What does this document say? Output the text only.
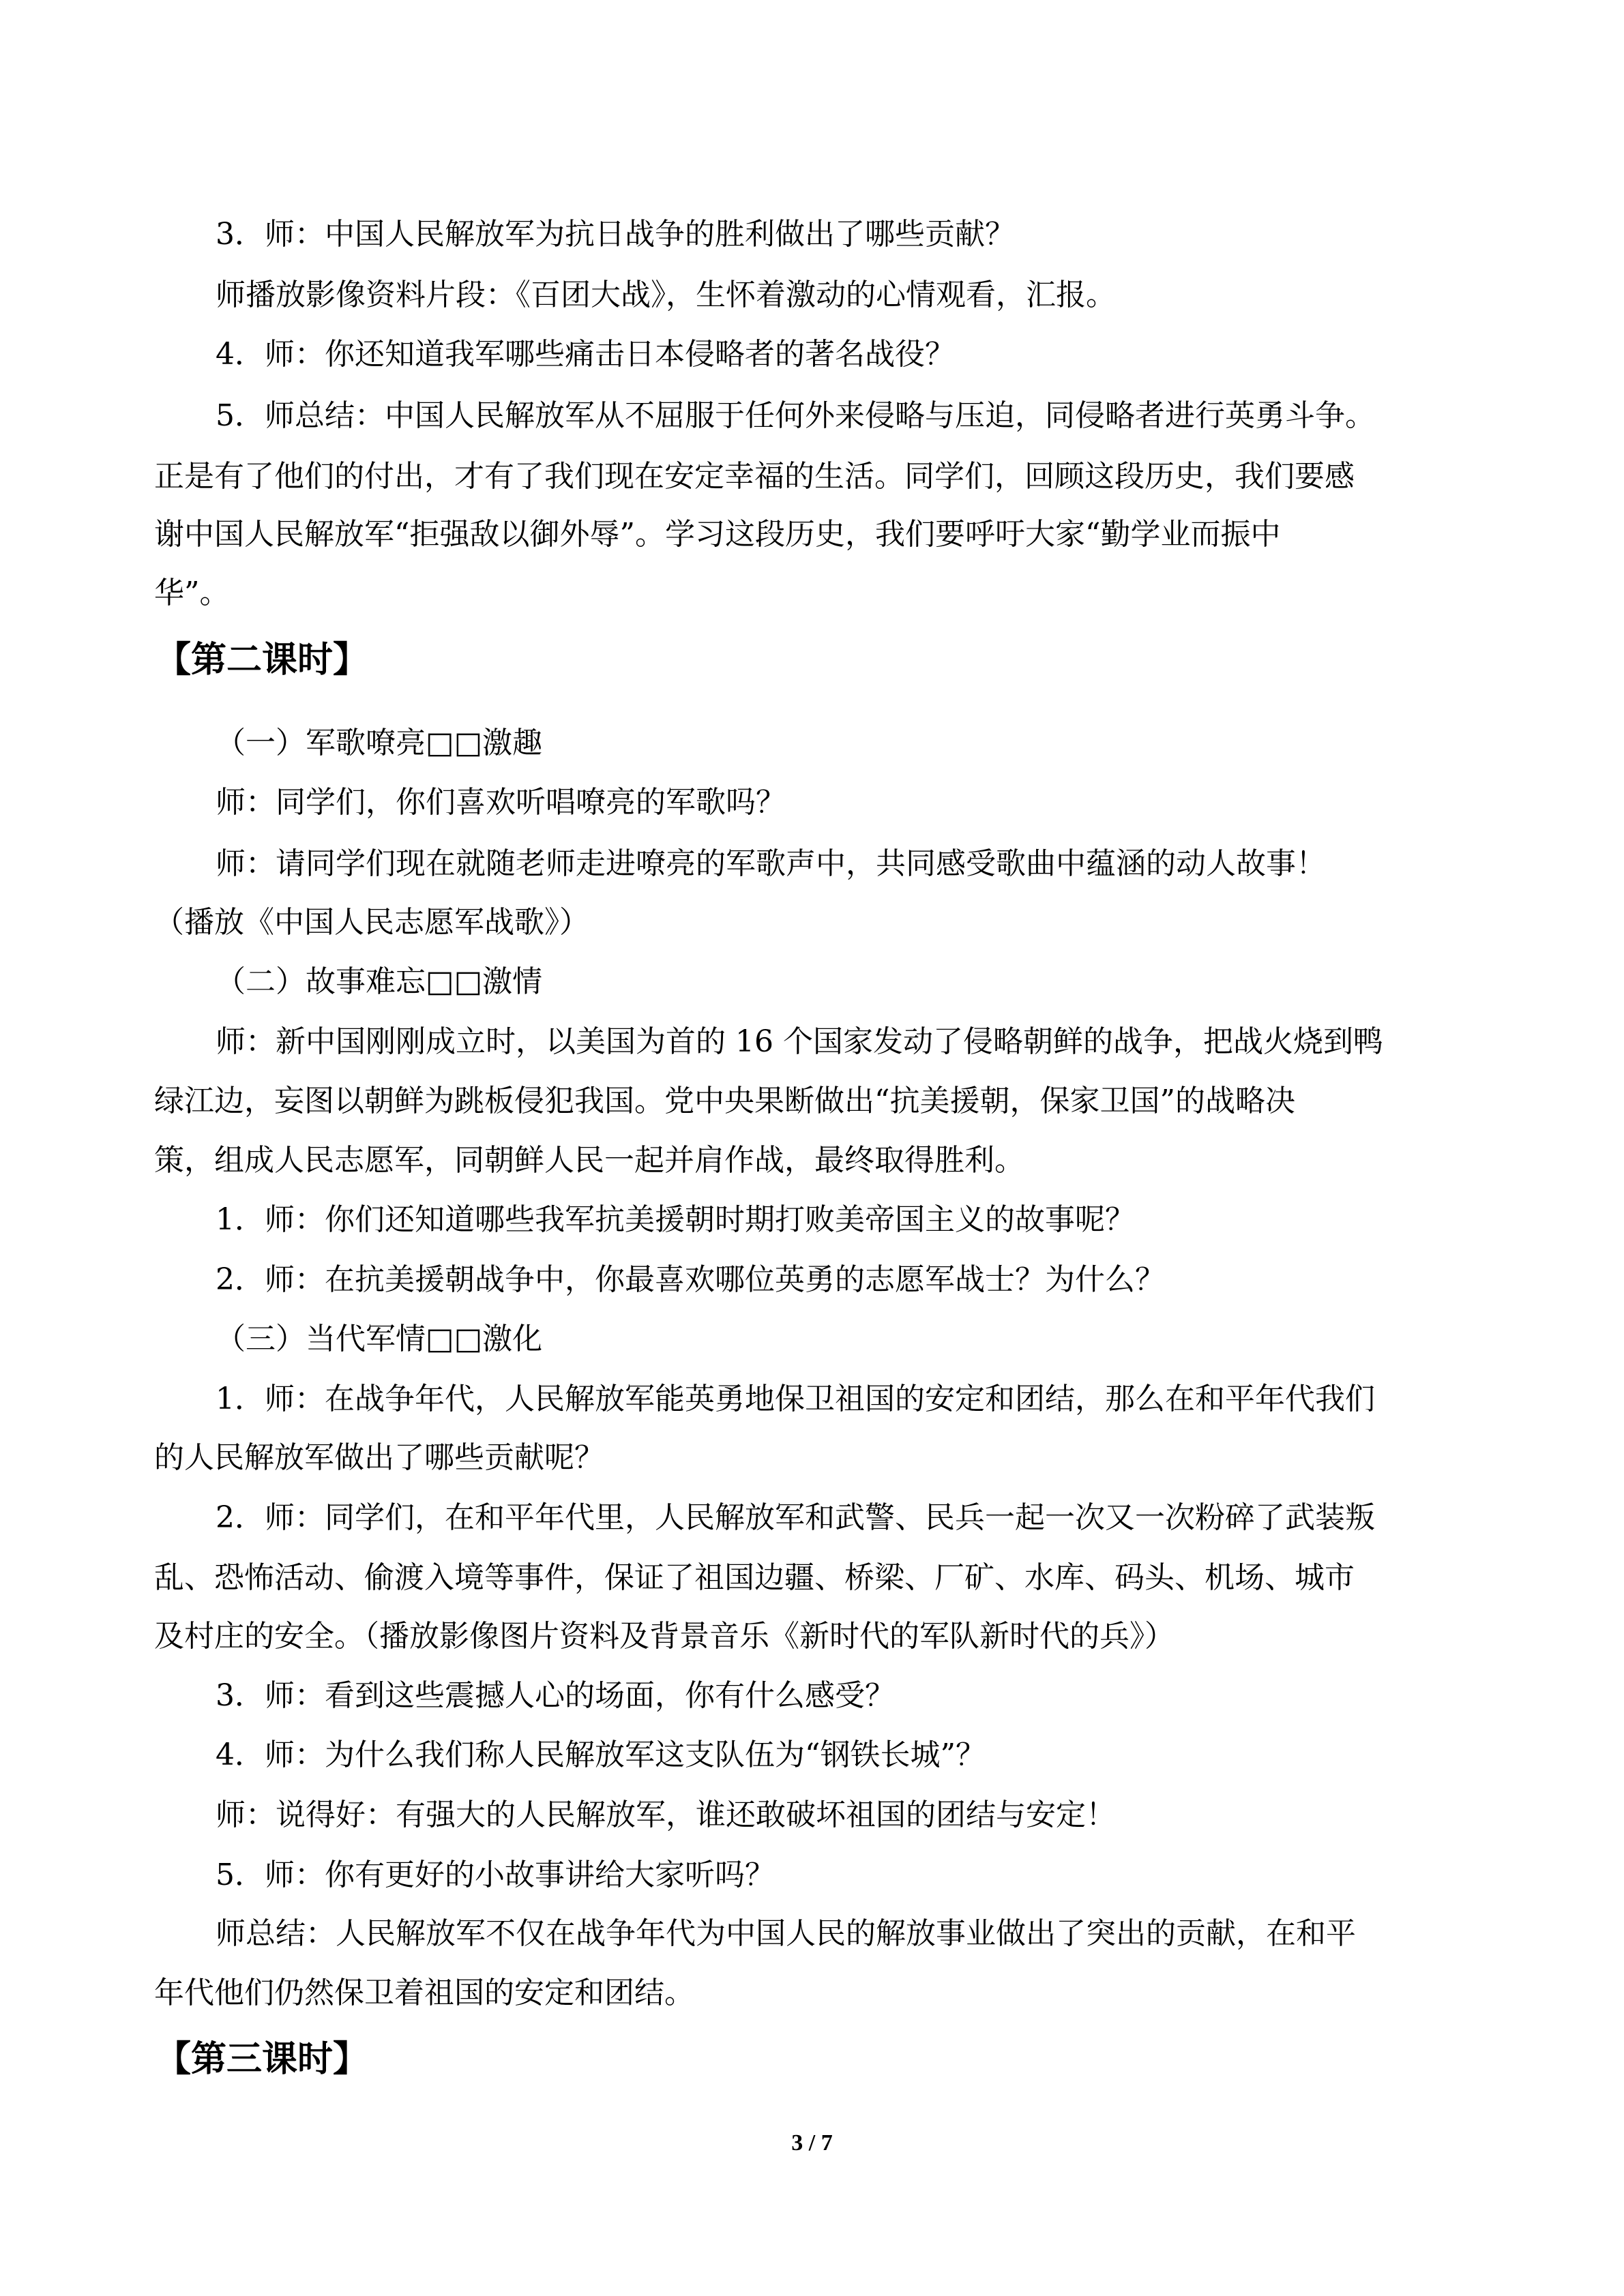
3．师：中国人民解放军为抗日战争的胜利做出了哪些贡献？
师播放影像资料片段：《百团大战》，生怀着激动的心情观看，汇报。
4．师：你还知道我军哪些痛击日本侵略者的著名战役？
5．师总结：中国人民解放军从不屈服于任何外来侵略与压迫，同侵略者进行英勇斗争。
正是有了他们的付出，才有了我们现在安定幸福的生活。同学们，回顾这段历史，我们要感
谢中国人民解放军“拒强敌以御外辱”。学习这段历史，我们要呼吁大家“勤学业而振中
华”。
【第二课时】
（一）军歌嘹亮□□激趣
师：同学们，你们喜欢听唱嘹亮的军歌吗？
师：请同学们现在就随老师走进嘹亮的军歌声中，共同感受歌曲中蕴涵的动人故事！
（播放《中国人民志愿军战歌》）
（二）故事难忘□□激情
师：新中国刚刚成立时，以美国为首的 16 个国家发动了侵略朝鲜的战争，把战火烧到鸭
绿江边，妄图以朝鲜为跳板侵犯我国。党中央果断做出“抗美援朝，保家卫国”的战略决
策，组成人民志愿军，同朝鲜人民一起并肩作战，最终取得胜利。
1．师：你们还知道哪些我军抗美援朝时期打败美帝国主义的故事呢？
2．师：在抗美援朝战争中，你最喜欢哪位英勇的志愿军战士？为什么？
（三）当代军情□□激化
1．师：在战争年代，人民解放军能英勇地保卫祖国的安定和团结，那么在和平年代我们
的人民解放军做出了哪些贡献呢？
2．师：同学们，在和平年代里，人民解放军和武警、民兵一起一次又一次粉碎了武装叛
乱、恐怖活动、偷渡入境等事件，保证了祖国边疆、桥梁、厂矿、水库、码头、机场、城市
及村庄的安全。（播放影像图片资料及背景音乐《新时代的军队新时代的兵》）
3．师：看到这些震撼人心的场面，你有什么感受？
4．师：为什么我们称人民解放军这支队伍为“钢铁长城”？
师：说得好：有强大的人民解放军，谁还敢破坏祖国的团结与安定！
5．师：你有更好的小故事讲给大家听吗？
师总结：人民解放军不仅在战争年代为中国人民的解放事业做出了突出的贡献，在和平
年代他们仍然保卫着祖国的安定和团结。
【第三课时】
3 / 7
